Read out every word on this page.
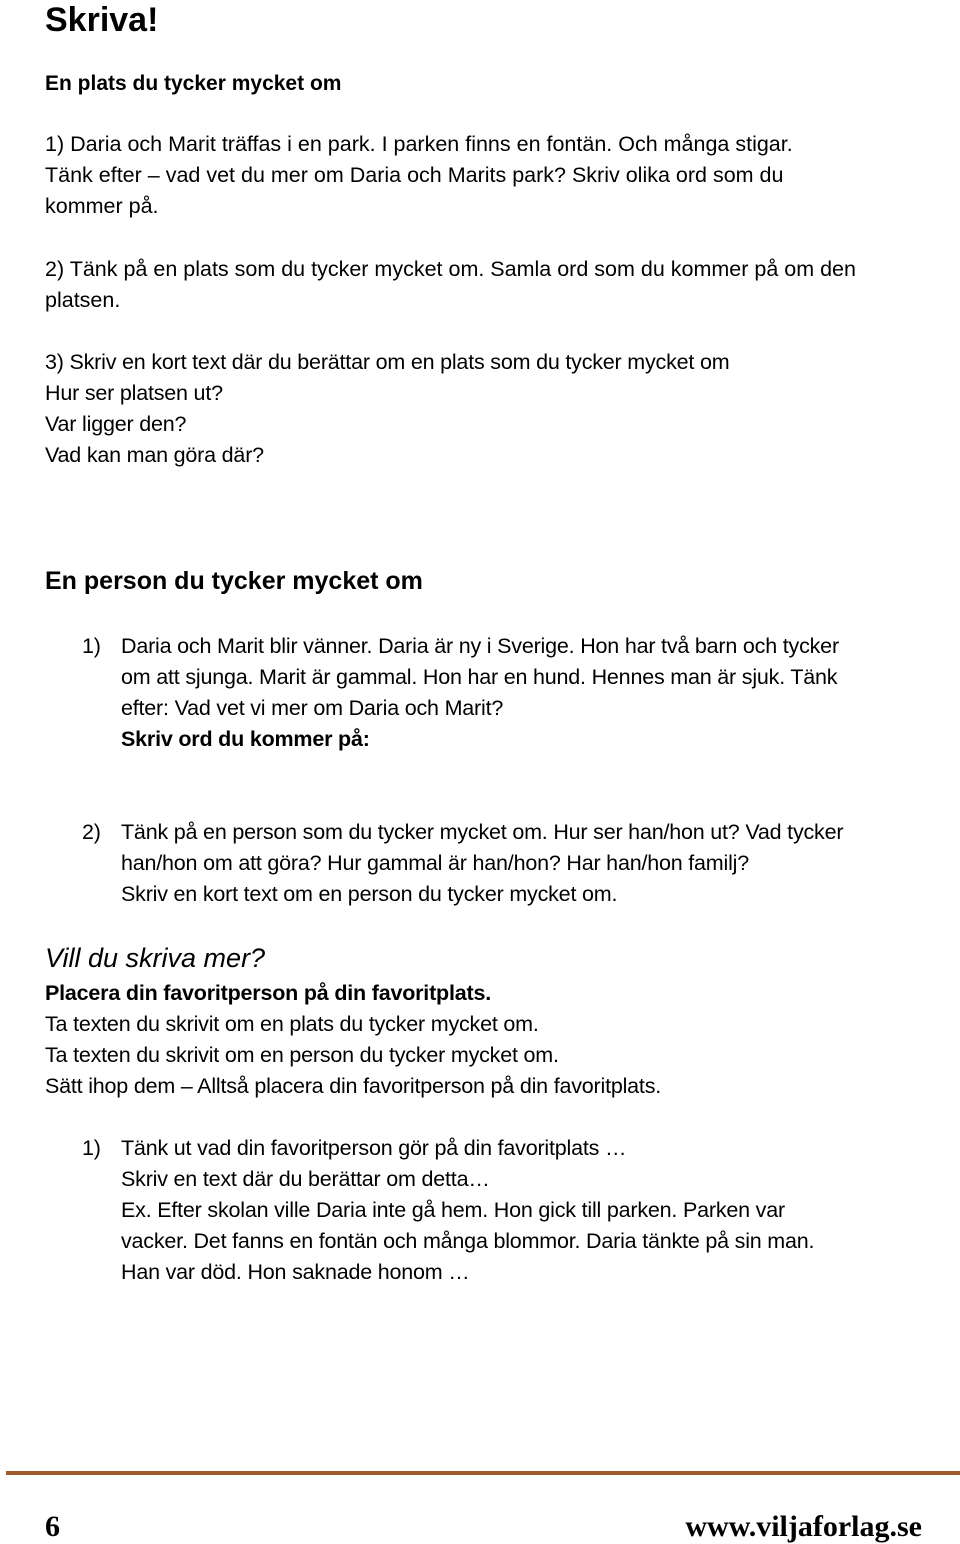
Skriva!
En plats du tycker mycket om
1) Daria och Marit träffas i en park. I parken finns en fontän. Och många stigar.
Tänk efter – vad vet du mer om Daria och Marits park? Skriv olika ord som du
kommer på.
2) Tänk på en plats som du tycker mycket om. Samla ord som du kommer på om den
platsen.
3) Skriv en kort text där du berättar om en plats som du tycker mycket om
Hur ser platsen ut?
Var ligger den?
Vad kan man göra där?
En person du tycker mycket om
1) Daria och Marit blir vänner. Daria är ny i Sverige. Hon har två barn och tycker
om att sjunga. Marit är gammal. Hon har en hund. Hennes man är sjuk. Tänk
efter: Vad vet vi mer om Daria och Marit?
Skriv ord du kommer på:
2) Tänk på en person som du tycker mycket om. Hur ser han/hon ut? Vad tycker
han/hon om att göra? Hur gammal är han/hon? Har han/hon familj?
Skriv en kort text om en person du tycker mycket om.
Vill du skriva mer?
Placera din favoritperson på din favoritplats.
Ta texten du skrivit om en plats du tycker mycket om.
Ta texten du skrivit om en person du tycker mycket om.
Sätt ihop dem – Alltså placera din favoritperson på din favoritplats.
1) Tänk ut vad din favoritperson gör på din favoritplats …
Skriv en text där du berättar om detta…
Ex. Efter skolan ville Daria inte gå hem. Hon gick till parken. Parken var
vacker. Det fanns en fontän och många blommor. Daria tänkte på sin man.
Han var död. Hon saknade honom …
6	www.viljaforlag.se
